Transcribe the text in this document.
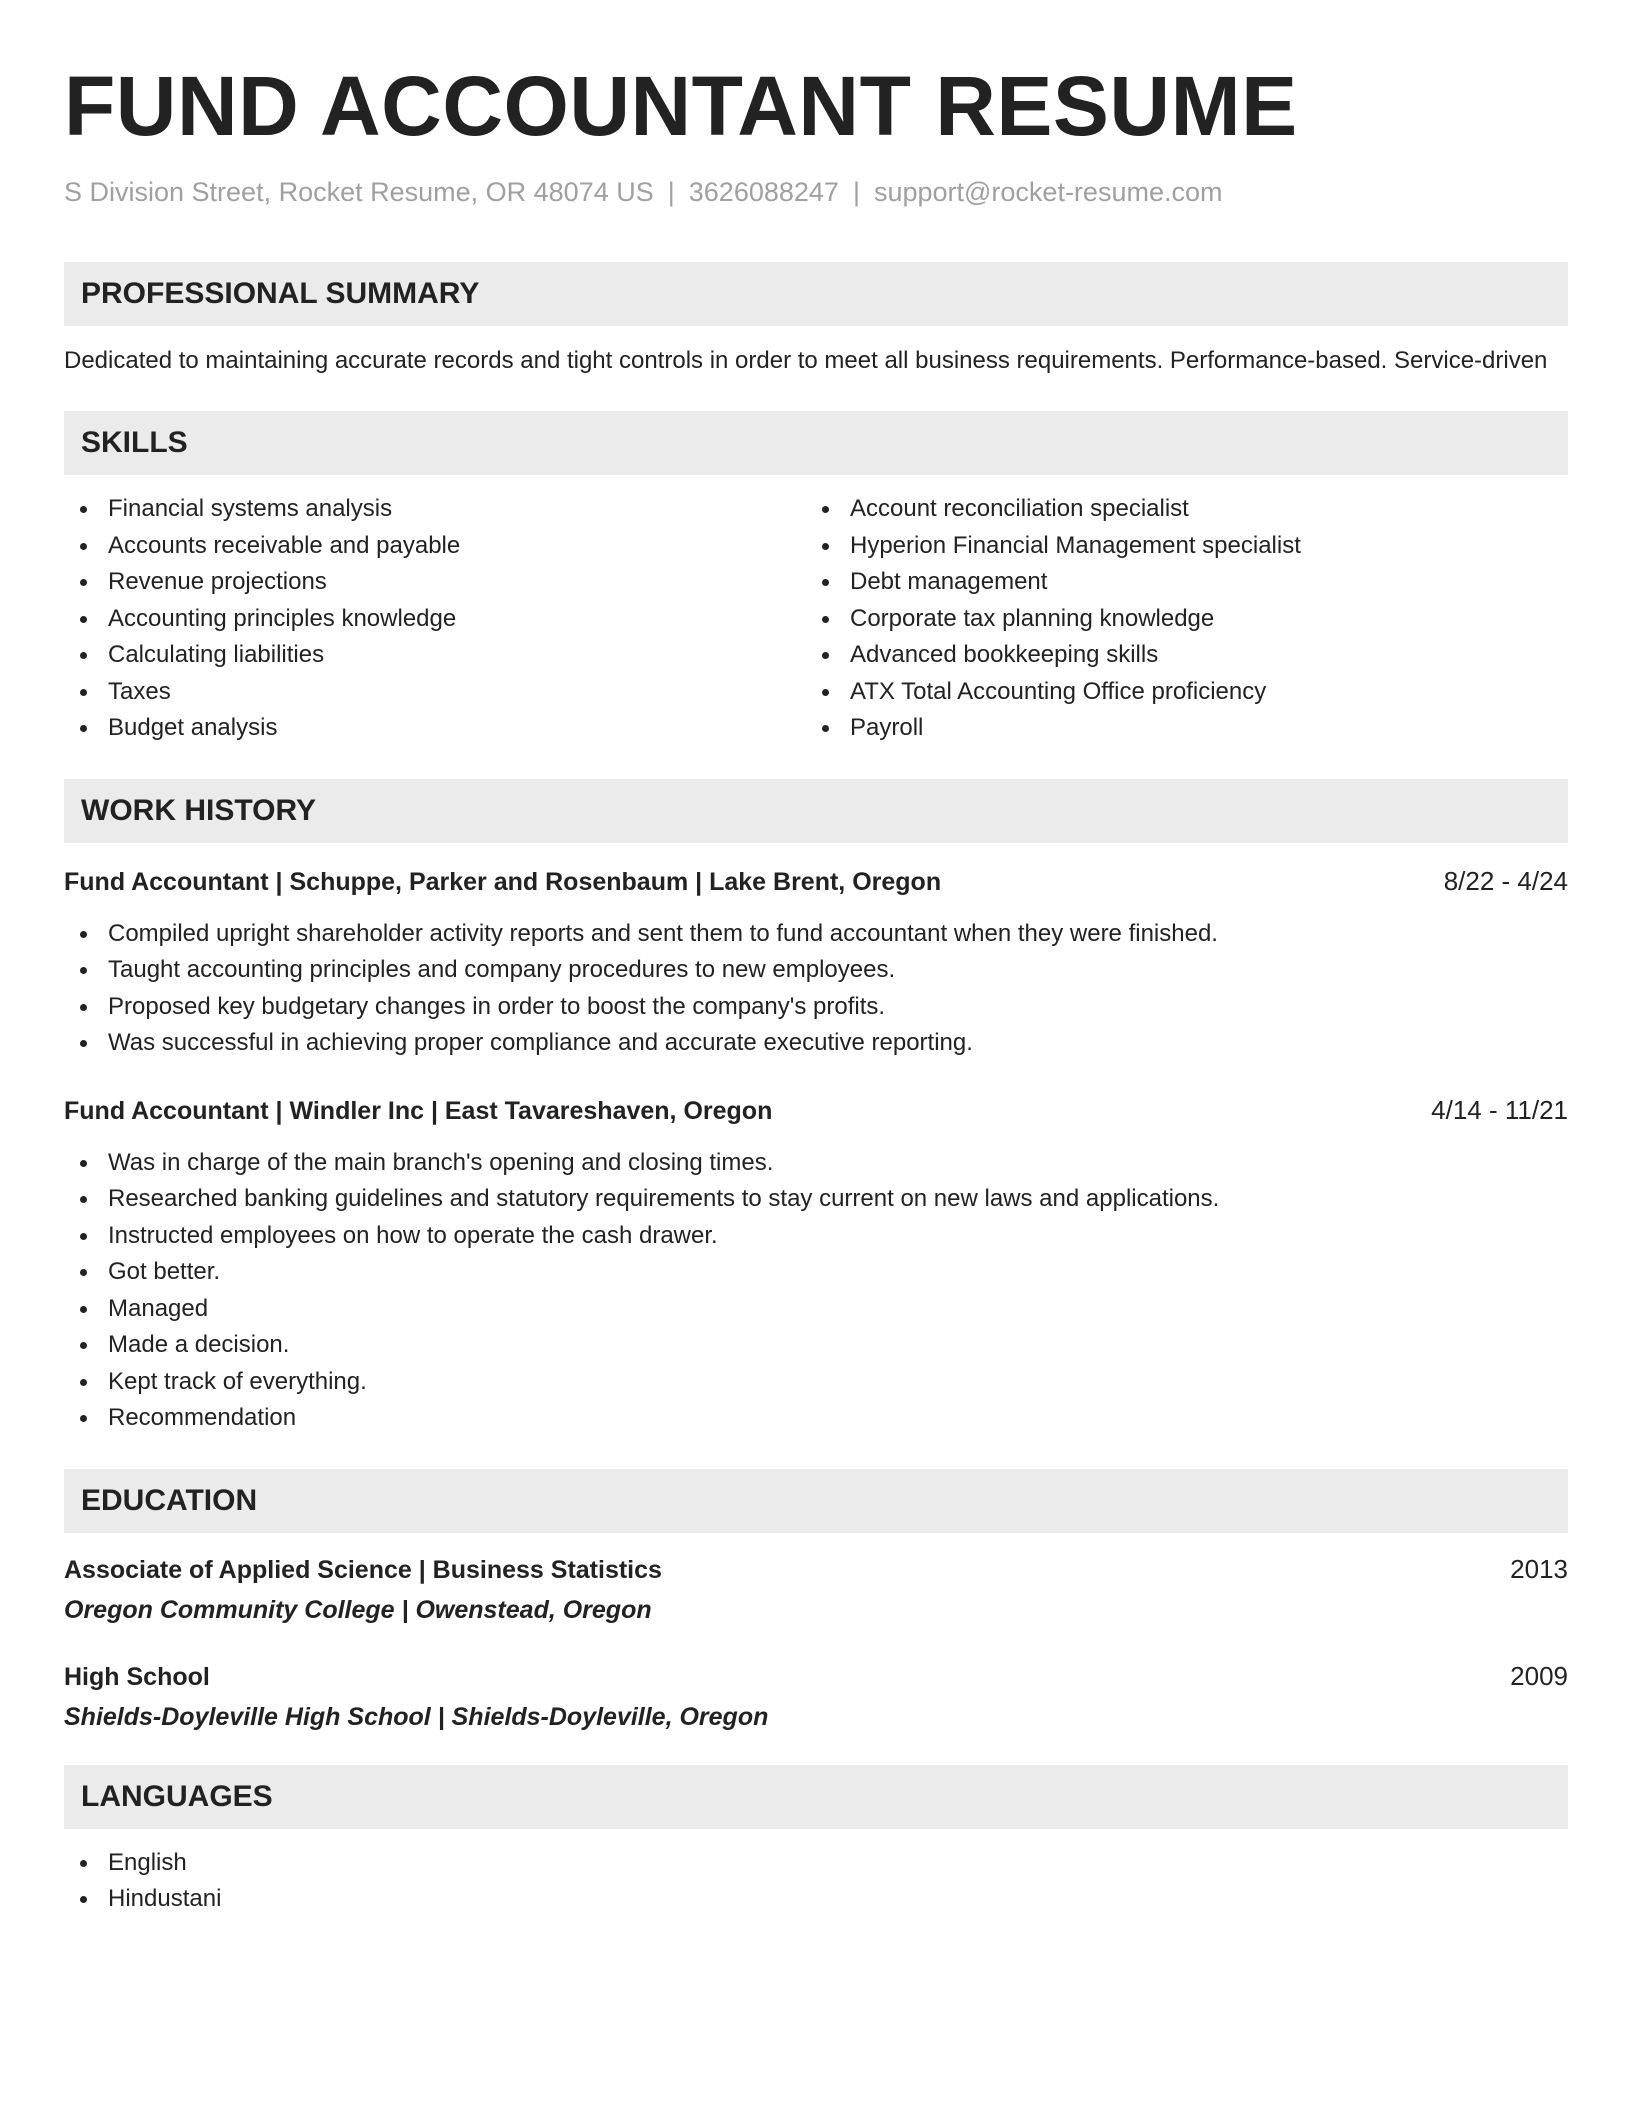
FUND ACCOUNTANT RESUME
S Division Street, Rocket Resume, OR 48074 US | 3626088247 | support@rocket-resume.com
PROFESSIONAL SUMMARY
Dedicated to maintaining accurate records and tight controls in order to meet all business requirements. Performance-based. Service-driven
SKILLS
Financial systems analysis
Accounts receivable and payable
Revenue projections
Accounting principles knowledge
Calculating liabilities
Taxes
Budget analysis
Account reconciliation specialist
Hyperion Financial Management specialist
Debt management
Corporate tax planning knowledge
Advanced bookkeeping skills
ATX Total Accounting Office proficiency
Payroll
WORK HISTORY
Fund Accountant | Schuppe, Parker and Rosenbaum | Lake Brent, Oregon	8/22 - 4/24
Compiled upright shareholder activity reports and sent them to fund accountant when they were finished.
Taught accounting principles and company procedures to new employees.
Proposed key budgetary changes in order to boost the company's profits.
Was successful in achieving proper compliance and accurate executive reporting.
Fund Accountant | Windler Inc | East Tavareshaven, Oregon	4/14 - 11/21
Was in charge of the main branch's opening and closing times.
Researched banking guidelines and statutory requirements to stay current on new laws and applications.
Instructed employees on how to operate the cash drawer.
Got better.
Managed
Made a decision.
Kept track of everything.
Recommendation
EDUCATION
Associate of Applied Science | Business Statistics	2013
Oregon Community College | Owenstead, Oregon
High School	2009
Shields-Doyleville High School | Shields-Doyleville, Oregon
LANGUAGES
English
Hindustani
